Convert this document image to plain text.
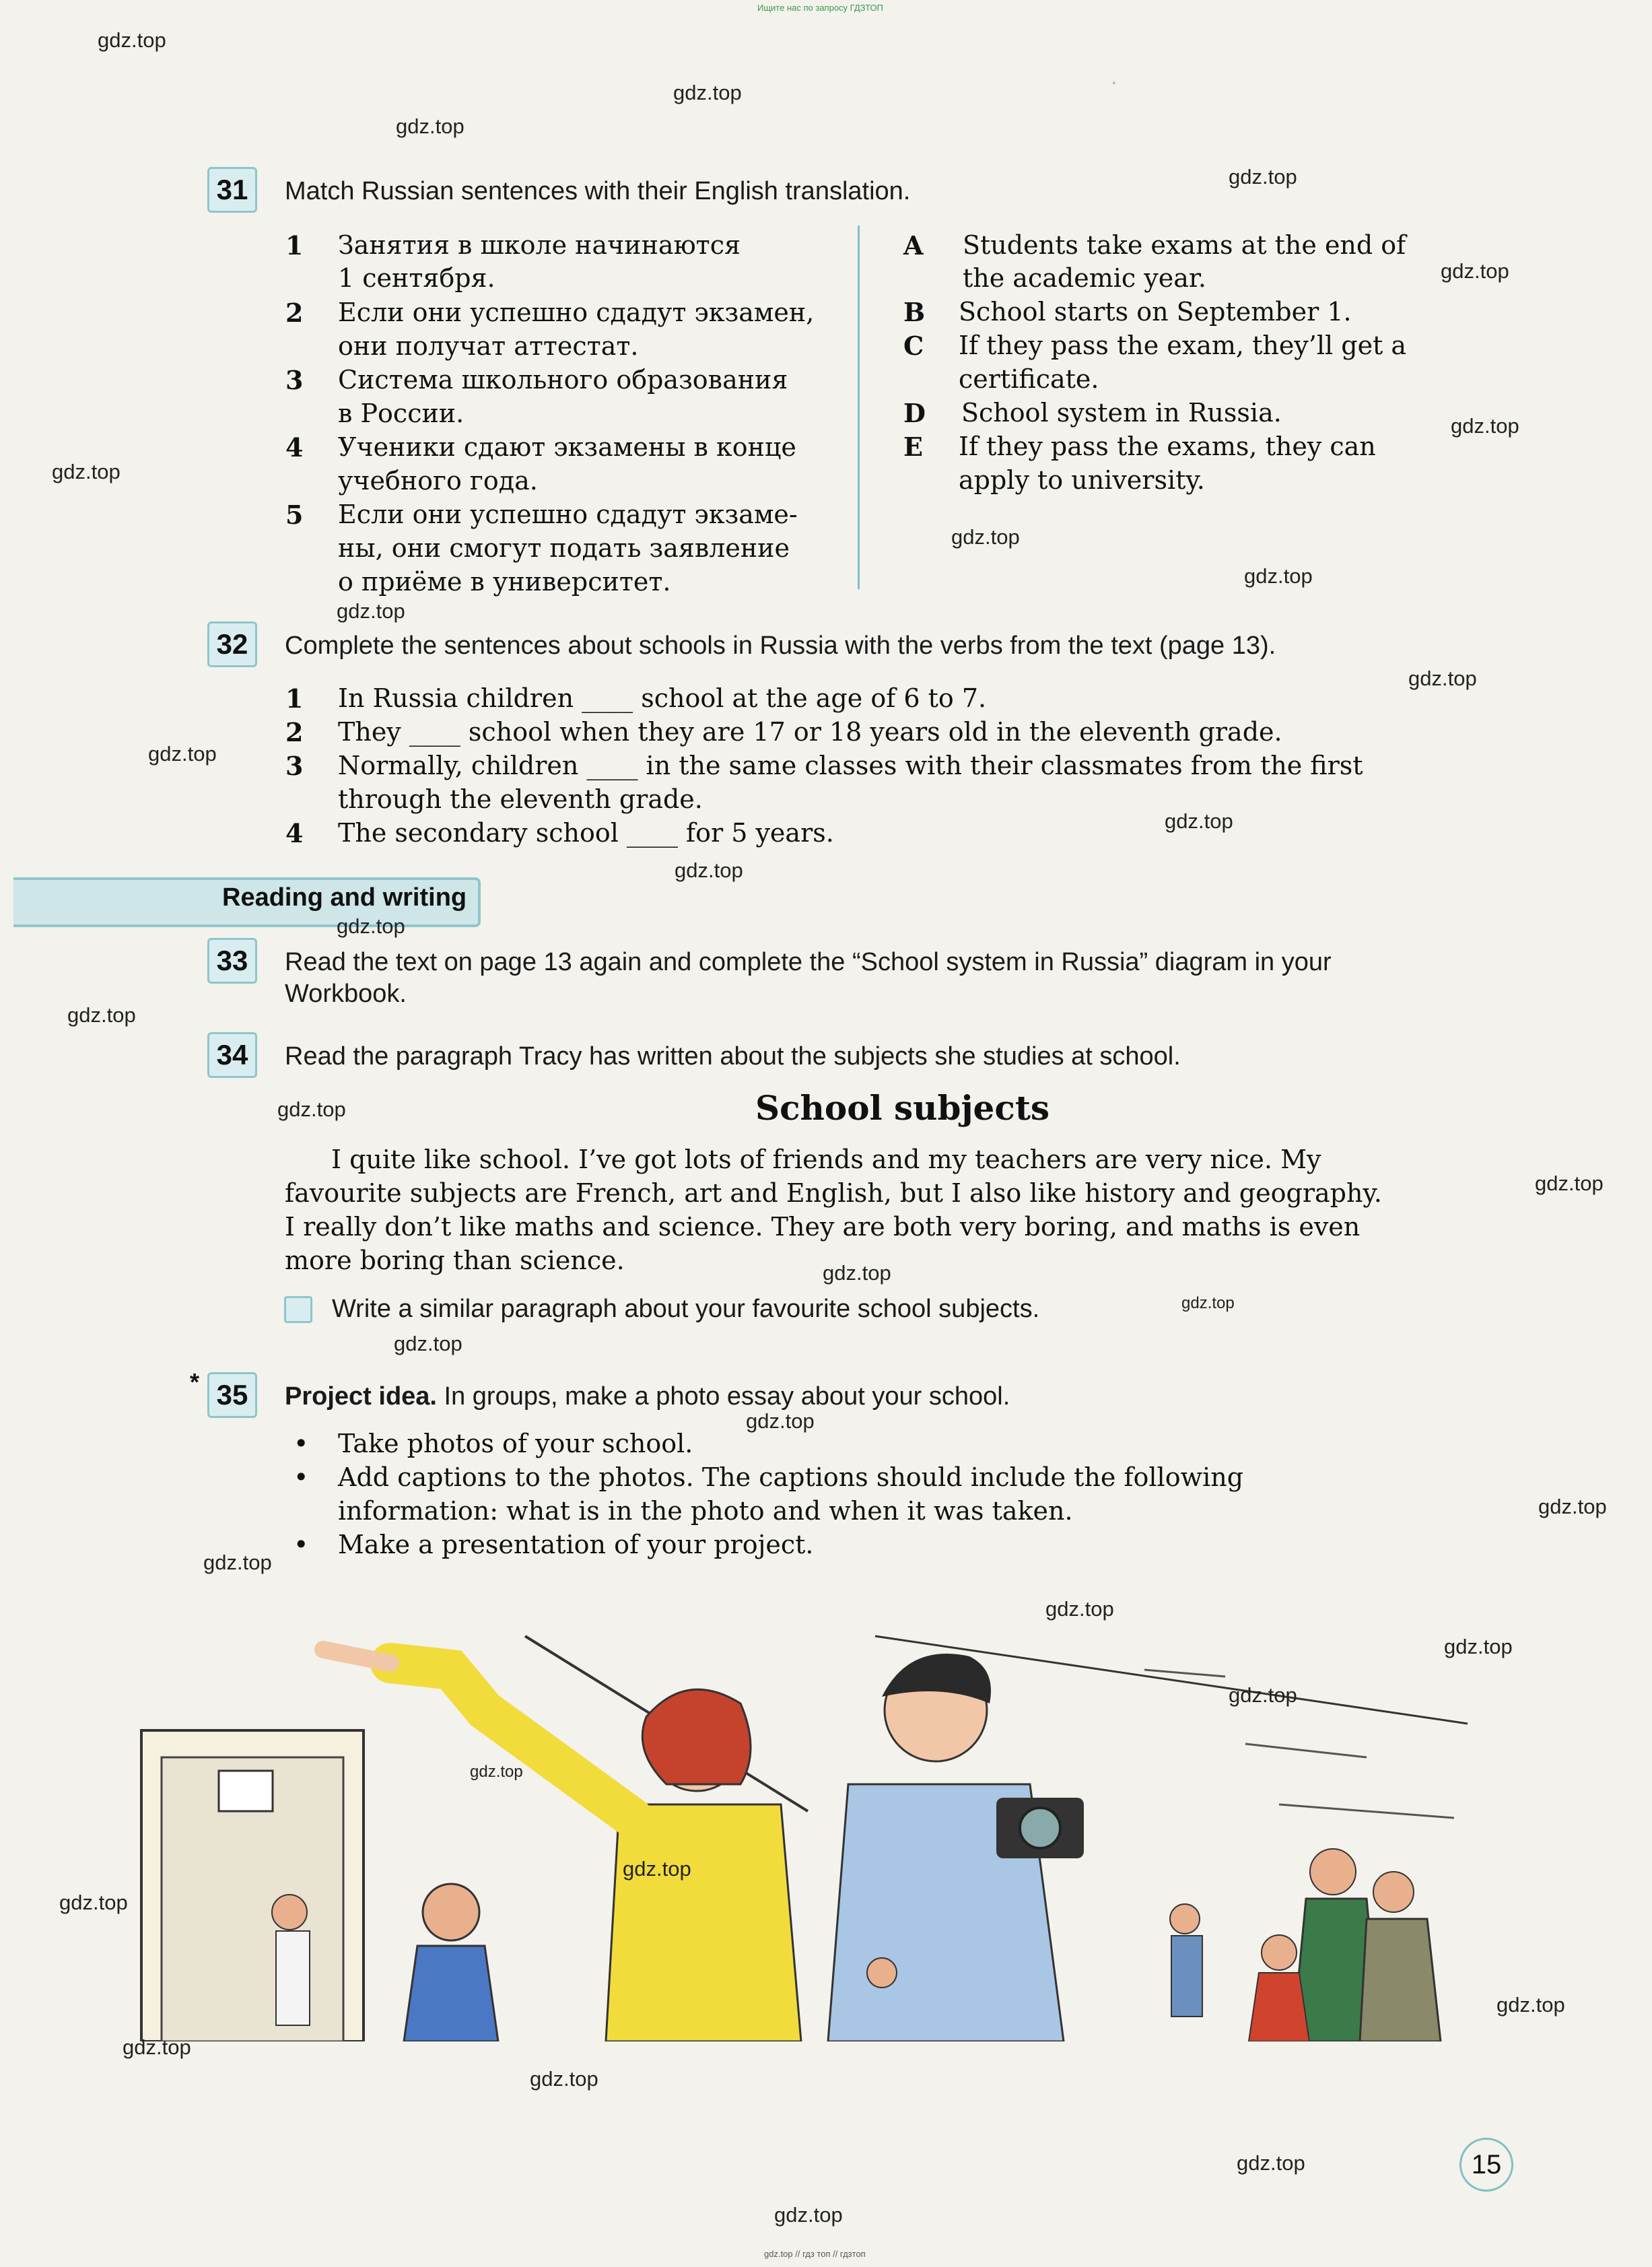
Ищите нас по запросу ГДЗТОП
.
31	Match Russian sentences with their English translation.
1 Занятия в школе начинаются
1 сентября.
2 Если они успешно сдадут экзамен,
они получат аттестат.
3 Система школьного образования
в России.
4 Ученики сдают экзамены в конце
учебного года.
5 Если они успешно сдадут экзаме-
ны, они смогут подать заявление
о приёме в университет.
A Students take exams at the end of
the academic year.
B School starts on September 1.
C If they pass the exam, they’ll get a
certificate.
D School system in Russia.
E If they pass the exams, they can
apply to university.
32	Complete the sentences about schools in Russia with the verbs from the text (page 13).
1 In Russia children ____ school at the age of 6 to 7.
2 They ____ school when they are 17 or 18 years old in the eleventh grade.
3 Normally, children ____ in the same classes with their classmates from the first
through the eleventh grade.
4 The secondary school ____ for 5 years.
Reading and writing
33	Read the text on page 13 again and complete the “School system in Russia” diagram in your
Workbook.
34	Read the paragraph Tracy has written about the subjects she studies at school.
School subjects
I quite like school. I’ve got lots of friends and my teachers are very nice. My
favourite subjects are French, art and English, but I also like history and geography.
I really don’t like maths and science. They are both very boring, and maths is even
more boring than science.
Write a similar paragraph about your favourite school subjects.
* 35	Project idea. In groups, make a photo essay about your school.
• Take photos of your school.
• Add captions to the photos. The captions should include the following
information: what is in the photo and when it was taken.
• Make a presentation of your project.
15
gdz.top
gdz.top
gdz.top
gdz.top
gdz.top
gdz.top
gdz.top
gdz.top
gdz.top
gdz.top
gdz.top
gdz.top
gdz.top
gdz.top
gdz.top
gdz.top
gdz.top
gdz.top
gdz.top
gdz.top
gdz.top
gdz.top
gdz.top
gdz.top
gdz.top
gdz.top
gdz.top
gdz.top
gdz.top
gdz.top
gdz.top
gdz.top
gdz.top
gdz.top
gdz.top
gdz.top // гдз топ // гдзтоп
